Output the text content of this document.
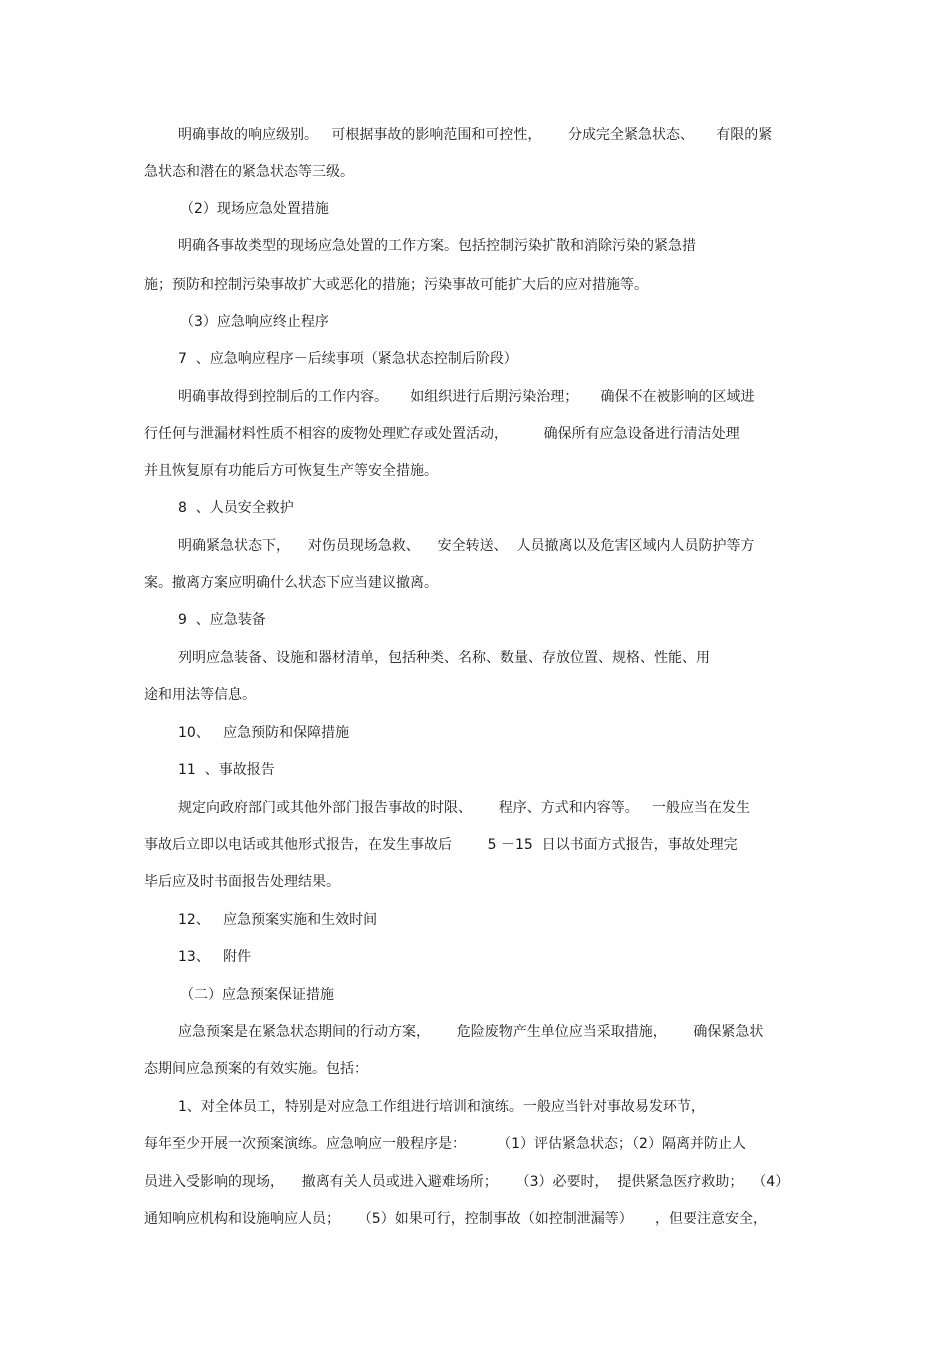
明确事故的响应级别。   可根据事故的影响范围和可控性，      分成完全紧急状态、     有限的紧
急状态和潜在的紧急状态等三级。
（2）现场应急处置措施
明确各事故类型的现场应急处置的工作方案。包括控制污染扩散和消除污染的紧急措
施；预防和控制污染事故扩大或恶化的措施；污染事故可能扩大后的应对措施等。
（3）应急响应终止程序
7  、应急响应程序－后续事项（紧急状态控制后阶段）
明确事故得到控制后的工作内容。     如组织进行后期污染治理；     确保不在被影响的区域进
行任何与泄漏材料性质不相容的废物处理贮存或处置活动，        确保所有应急设备进行清洁处理
并且恢复原有功能后方可恢复生产等安全措施。
8  、人员安全救护
明确紧急状态下，    对伤员现场急救、    安全转送、  人员撤离以及危害区域内人员防护等方
案。撤离方案应明确什么状态下应当建议撤离。
9  、应急装备
列明应急装备、设施和器材清单，包括种类、名称、数量、存放位置、规格、性能、用
途和用法等信息。
10、   应急预防和保障措施
11  、事故报告
规定向政府部门或其他外部门报告事故的时限、      程序、方式和内容等。   一般应当在发生
事故后立即以电话或其他形式报告，在发生事故后        5 －15  日以书面方式报告，事故处理完
毕后应及时书面报告处理结果。
12、   应急预案实施和生效时间
13、   附件
（二）应急预案保证措施
应急预案是在紧急状态期间的行动方案，      危险废物产生单位应当采取措施，      确保紧急状
态期间应急预案的有效实施。包括：
1、对全体员工，特别是对应急工作组进行培训和演练。一般应当针对事故易发环节，
每年至少开展一次预案演练。应急响应一般程序是：       （1）评估紧急状态；（2）隔离并防止人
员进入受影响的现场，    撤离有关人员或进入避难场所；    （3）必要时，  提供紧急医疗救助；  （4）
通知响应机构和设施响应人员；    （5）如果可行，控制事故（如控制泄漏等）     ，但要注意安全，
